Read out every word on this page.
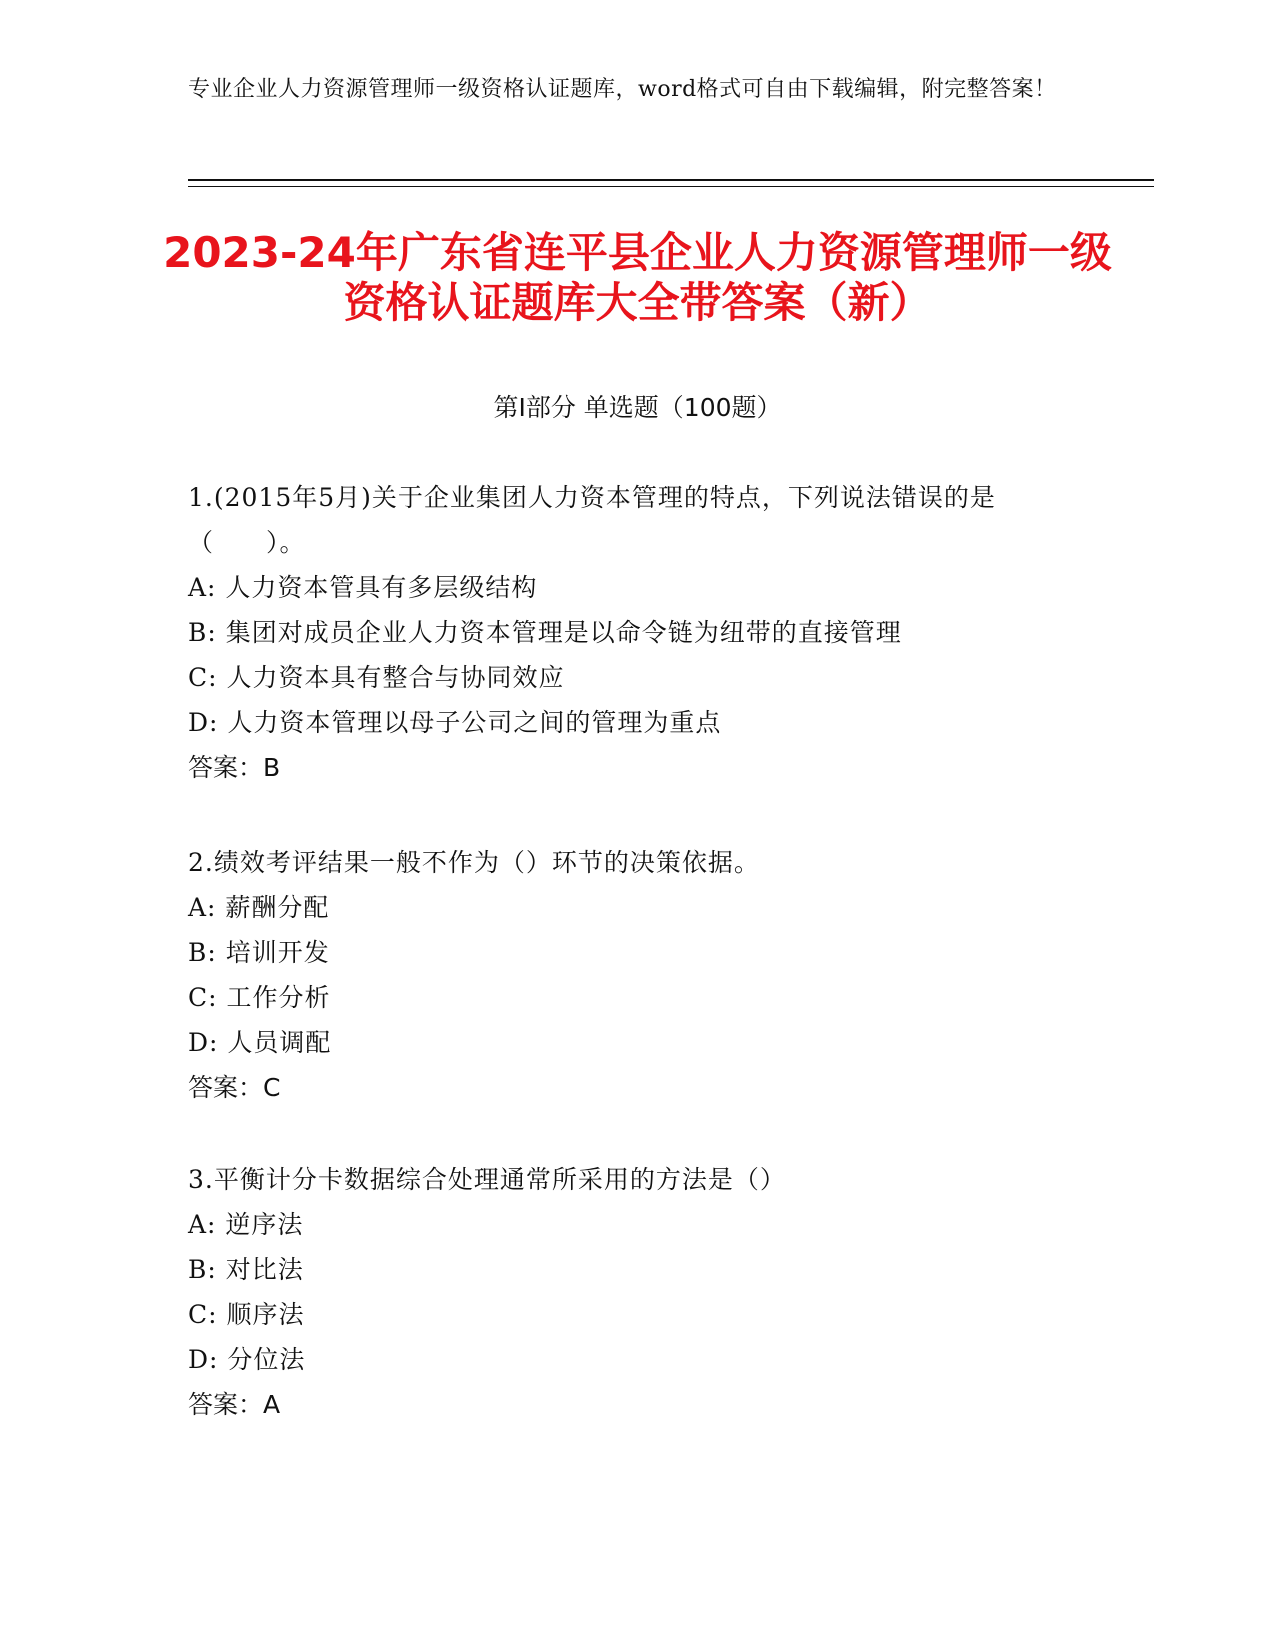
专业企业人力资源管理师一级资格认证题库，word格式可自由下载编辑，附完整答案！
2023-24年广东省连平县企业人力资源管理师一级资格认证题库大全带答案（新）
第Ⅰ部分 单选题（100题）

1.(2015年5月)关于企业集团人力资本管理的特点，下列说法错误的是（　　）。

A: 人力资本管具有多层级结构

B: 集团对成员企业人力资本管理是以命令链为纽带的直接管理

C: 人力资本具有整合与协同效应

D: 人力资本管理以母子公司之间的管理为重点

答案：B

2.绩效考评结果一般不作为（）环节的决策依据。

A: 薪酬分配

B: 培训开发

C: 工作分析

D: 人员调配

答案：C

3.平衡计分卡数据综合处理通常所采用的方法是（）

A: 逆序法

B: 对比法

C: 顺序法

D: 分位法

答案：A
